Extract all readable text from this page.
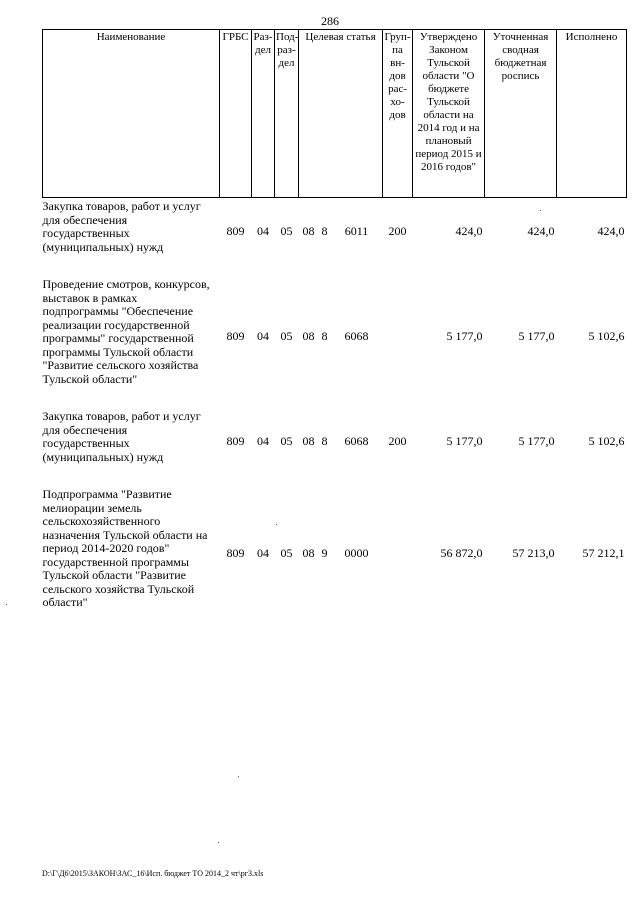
286
Наименование	ГРБС	Раз-дел	Под-раз-дел	Целевая статья			Груп-па вн-дов рас-хо-дов	Утверждено Законом Тульской области "О бюджете Тульской области на 2014 год и на плановый период 2015 и 2016 годов"	Уточненная сводная бюджетная роспись	Исполнено
Закупка товаров, работ и услуг для обеспечения государственных (муниципальных) нужд	809	04	05	08	8	6011	200	424,0	424,0	424,0
Проведение смотров, конкурсов, выставок в рамках подпрограммы "Обеспечение реализации государственной программы" государственной программы Тульской области "Развитие сельского хозяйства Тульской области"	809	04	05	08	8	6068		5 177,0	5 177,0	5 102,6
Закупка товаров, работ и услуг для обеспечения государственных (муниципальных) нужд	809	04	05	08	8	6068	200	5 177,0	5 177,0	5 102,6
Подпрограмма "Развитие мелиорации земель сельскохозяйственного назначения Тульской области на период 2014-2020 годов" государственной программы Тульской области "Развитие сельского хозяйства Тульской области"	809	04	05	08	9	0000		56 872,0	57 213,0	57 212,1
D:\Г\Д6\2015\ЗАКОН\ЗАС_16\Исп. бюджет ТО 2014_2 чт\рг3.xls
